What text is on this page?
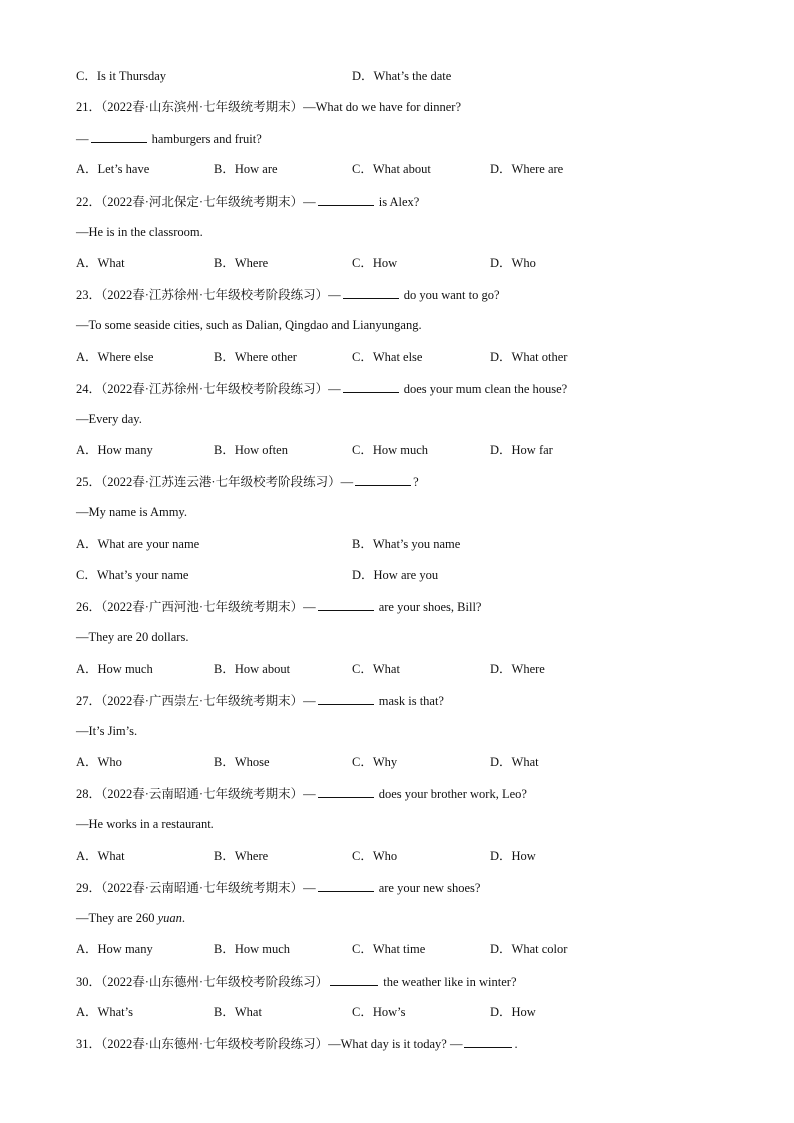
C．Is it Thursday	D．What’s the date
21．（2022春·山东滨州·七年级统考期末）—What do we have for dinner?
—	hamburgers and fruit?
A．Let’s have	B．How are	C．What about	D．Where are
22．（2022春·河北保定·七年级统考期末）—	is Alex?
—He is in the classroom.
A．What	B．Where	C．How	D．Who
23．（2022春·江苏徐州·七年级校考阶段练习）—	do you want to go?
—To some seaside cities, such as Dalian, Qingdao and Lianyungang.
A．Where else	B．Where other	C．What else	D．What other
24．（2022春·江苏徐州·七年级校考阶段练习）—	does your mum clean the house?
—Every day.
A．How many	B．How often	C．How much	D．How far
25．（2022春·江苏连云港·七年级校考阶段练习）—	?
—My name is Ammy.
A．What are your name	B．What’s you name
C．What’s your name	D．How are you
26．（2022春·广西河池·七年级统考期末）—	are your shoes, Bill?
—They are 20 dollars.
A．How much	B．How about	C．What	D．Where
27．（2022春·广西崇左·七年级统考期末）—	mask is that?
—It’s Jim’s.
A．Who	B．Whose	C．Why	D．What
28．（2022春·云南昭通·七年级统考期末）—	does your brother work, Leo?
—He works in a restaurant.
A．What	B．Where	C．Who	D．How
29．（2022春·云南昭通·七年级统考期末）—	are your new shoes?
—They are 260 yuan.
A．How many	B．How much	C．What time	D．What color
30．（2022春·山东德州·七年级校考阶段练习）	the weather like in winter?
A．What’s	B．What	C．How’s	D．How
31．（2022春·山东德州·七年级校考阶段练习）—What day is it today? —	.
